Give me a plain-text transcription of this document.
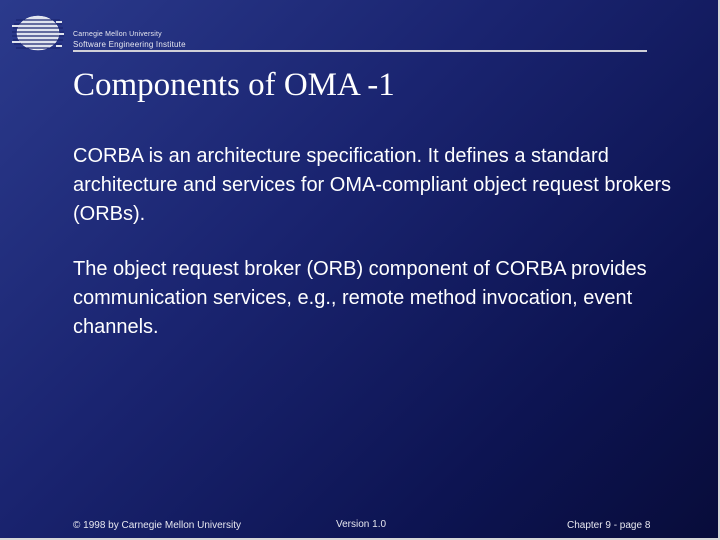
Carnegie Mellon University
Software Engineering Institute
Components of OMA -1
CORBA is an architecture specification. It defines a standard architecture and services for OMA-compliant object request brokers (ORBs).
The object request broker (ORB) component of CORBA provides communication services, e.g., remote method invocation, event channels.
© 1998 by Carnegie Mellon University	Version 1.0	Chapter 9 - page 8
